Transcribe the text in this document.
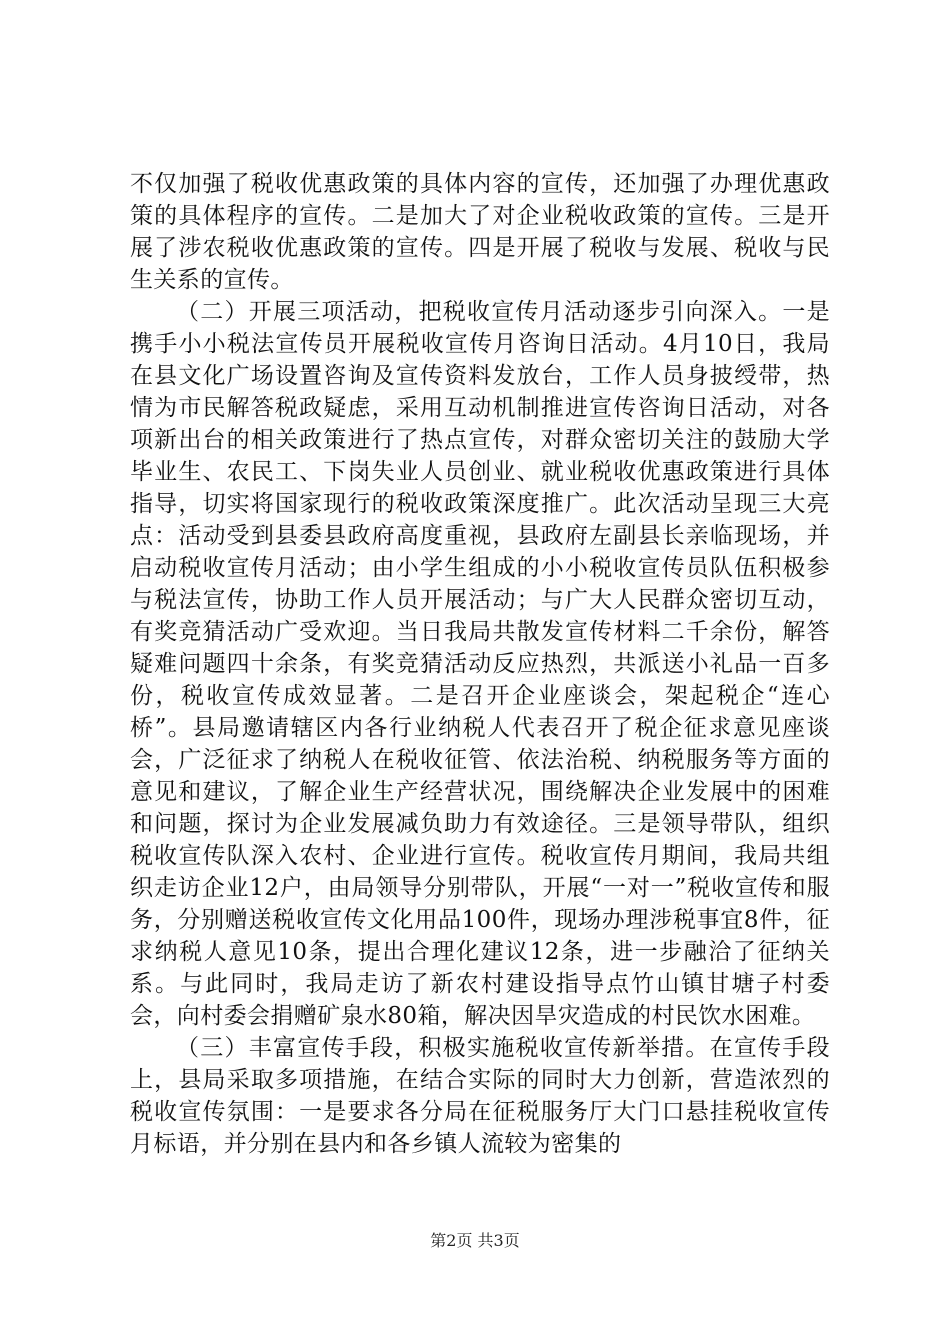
不仅加强了税收优惠政策的具体内容的宣传，还加强了办理优惠政策的具体程序的宣传。二是加大了对企业税收政策的宣传。三是开展了涉农税收优惠政策的宣传。四是开展了税收与发展、税收与民生关系的宣传。

（二）开展三项活动，把税收宣传月活动逐步引向深入。一是携手小小税法宣传员开展税收宣传月咨询日活动。4月10日，我局在县文化广场设置咨询及宣传资料发放台，工作人员身披绶带，热情为市民解答税政疑虑，采用互动机制推进宣传咨询日活动，对各项新出台的相关政策进行了热点宣传，对群众密切关注的鼓励大学毕业生、农民工、下岗失业人员创业、就业税收优惠政策进行具体指导，切实将国家现行的税收政策深度推广。此次活动呈现三大亮点：活动受到县委县政府高度重视，县政府左副县长亲临现场，并启动税收宣传月活动；由小学生组成的小小税收宣传员队伍积极参与税法宣传，协助工作人员开展活动；与广大人民群众密切互动，有奖竞猜活动广受欢迎。当日我局共散发宣传材料二千余份，解答疑难问题四十余条，有奖竞猜活动反应热烈，共派送小礼品一百多份，税收宣传成效显著。二是召开企业座谈会，架起税企“连心桥”。县局邀请辖区内各行业纳税人代表召开了税企征求意见座谈会，广泛征求了纳税人在税收征管、依法治税、纳税服务等方面的意见和建议，了解企业生产经营状况，围绕解决企业发展中的困难和问题，探讨为企业发展减负助力有效途径。三是领导带队，组织税收宣传队深入农村、企业进行宣传。税收宣传月期间，我局共组织走访企业12户，由局领导分别带队，开展“一对一”税收宣传和服务，分别赠送税收宣传文化用品100件，现场办理涉税事宜8件，征求纳税人意见10条，提出合理化建议12条，进一步融洽了征纳关系。与此同时，我局走访了新农村建设指导点竹山镇甘塘子村委会，向村委会捐赠矿泉水80箱，解决因旱灾造成的村民饮水困难。

（三）丰富宣传手段，积极实施税收宣传新举措。在宣传手段上，县局采取多项措施，在结合实际的同时大力创新，营造浓烈的税收宣传氛围：一是要求各分局在征税服务厅大门口悬挂税收宣传月标语，并分别在县内和各乡镇人流较为密集的

第2页 共3页
